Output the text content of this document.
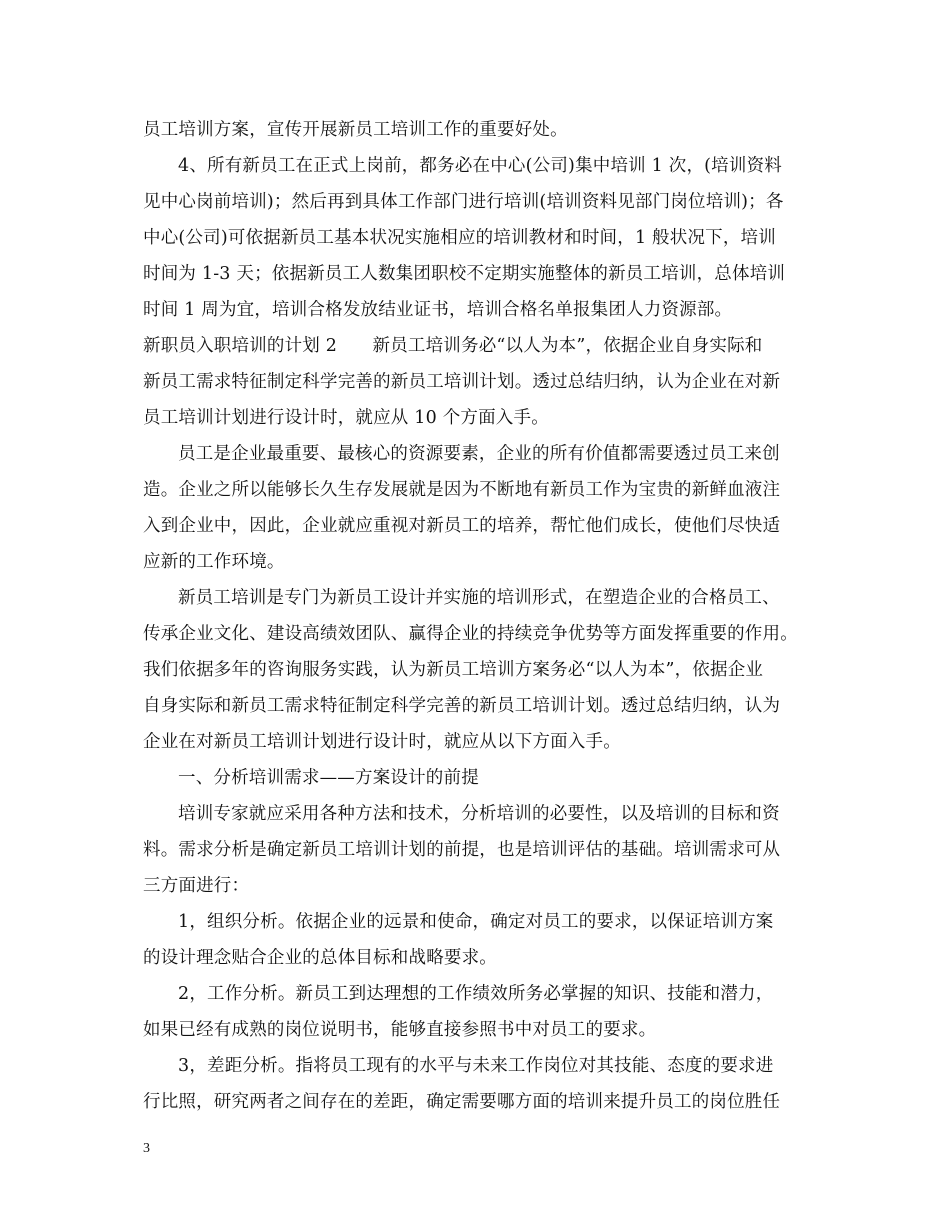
员工培训方案，宣传开展新员工培训工作的重要好处。
4、所有新员工在正式上岗前，都务必在中心(公司)集中培训 1 次，(培训资料
见中心岗前培训)；然后再到具体工作部门进行培训(培训资料见部门岗位培训)；各
中心(公司)可依据新员工基本状况实施相应的培训教材和时间，1 般状况下，培训
时间为 1-3 天；依据新员工人数集团职校不定期实施整体的新员工培训，总体培训
时间 1 周为宜，培训合格发放结业证书，培训合格名单报集团人力资源部。
新职员入职培训的计划 2　　新员工培训务必“以人为本”，依据企业自身实际和
新员工需求特征制定科学完善的新员工培训计划。透过总结归纳，认为企业在对新
员工培训计划进行设计时，就应从 10 个方面入手。
员工是企业最重要、最核心的资源要素，企业的所有价值都需要透过员工来创
造。企业之所以能够长久生存发展就是因为不断地有新员工作为宝贵的新鲜血液注
入到企业中，因此，企业就应重视对新员工的培养，帮忙他们成长，使他们尽快适
应新的工作环境。
新员工培训是专门为新员工设计并实施的培训形式，在塑造企业的合格员工、
传承企业文化、建设高绩效团队、赢得企业的持续竞争优势等方面发挥重要的作用。
我们依据多年的咨询服务实践，认为新员工培训方案务必“以人为本”，依据企业
自身实际和新员工需求特征制定科学完善的新员工培训计划。透过总结归纳，认为
企业在对新员工培训计划进行设计时，就应从以下方面入手。
一、分析培训需求——方案设计的前提
培训专家就应采用各种方法和技术，分析培训的必要性，以及培训的目标和资
料。需求分析是确定新员工培训计划的前提，也是培训评估的基础。培训需求可从
三方面进行：
1，组织分析。依据企业的远景和使命，确定对员工的要求，以保证培训方案
的设计理念贴合企业的总体目标和战略要求。
2，工作分析。新员工到达理想的工作绩效所务必掌握的知识、技能和潜力，
如果已经有成熟的岗位说明书，能够直接参照书中对员工的要求。
3，差距分析。指将员工现有的水平与未来工作岗位对其技能、态度的要求进
行比照，研究两者之间存在的差距，确定需要哪方面的培训来提升员工的岗位胜任
3
